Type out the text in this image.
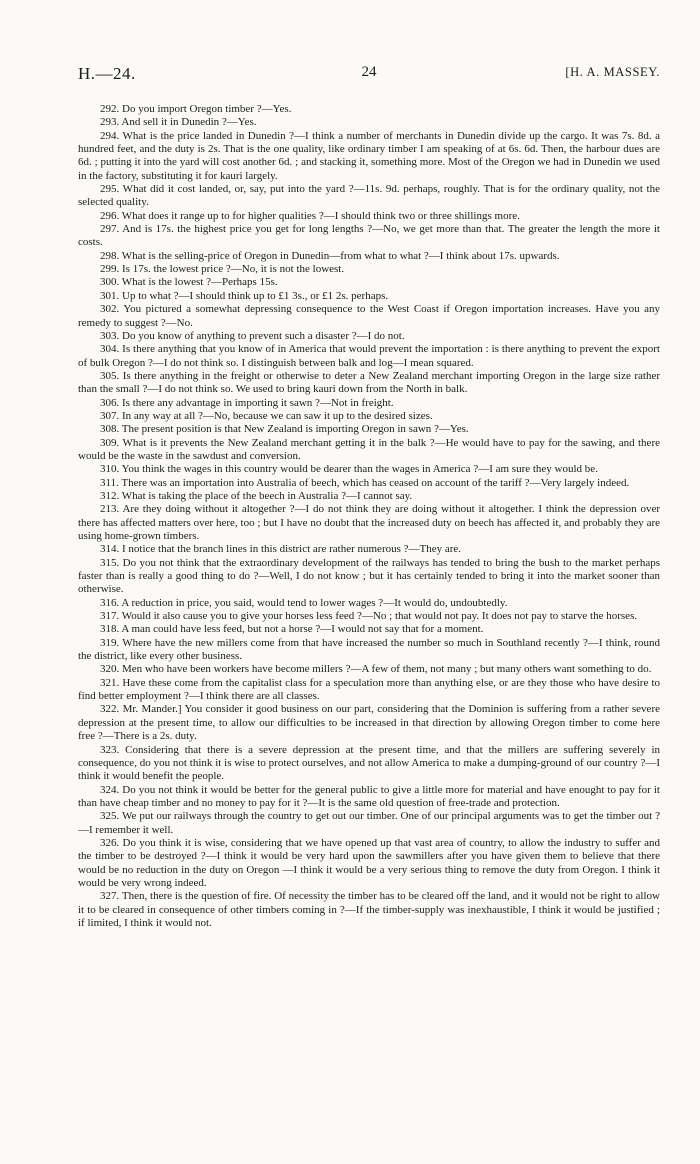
H.—24.	24	[H. A. MASSEY.

292. Do you import Oregon timber ?—Yes.

293. And sell it in Dunedin ?—Yes.

294. What is the price landed in Dunedin ?—I think a number of merchants in Dunedin divide up the cargo. It was 7s. 8d. a hundred feet, and the duty is 2s. That is the one quality, like ordinary timber I am speaking of at 6s. 6d. Then, the harbour dues are 6d. ; putting it into the yard will cost another 6d. ; and stacking it, something more. Most of the Oregon we had in Dunedin we used in the factory, substituting it for kauri largely.

295. What did it cost landed, or, say, put into the yard ?—11s. 9d. perhaps, roughly. That is for the ordinary quality, not the selected quality.

296. What does it range up to for higher qualities ?—I should think two or three shillings more.

297. And is 17s. the highest price you get for long lengths ?—No, we get more than that. The greater the length the more it costs.

298. What is the selling-price of Oregon in Dunedin—from what to what ?—I think about 17s. upwards.

299. Is 17s. the lowest price ?—No, it is not the lowest.

300. What is the lowest ?—Perhaps 15s.

301. Up to what ?—I should think up to £1 3s., or £1 2s. perhaps.

302. You pictured a somewhat depressing consequence to the West Coast if Oregon importation increases. Have you any remedy to suggest ?—No.

303. Do you know of anything to prevent such a disaster ?—I do not.

304. Is there anything that you know of in America that would prevent the importation : is there anything to prevent the export of bulk Oregon ?—I do not think so. I distinguish between balk and log—I mean squared.

305. Is there anything in the freight or otherwise to deter a New Zealand merchant importing Oregon in the large size rather than the small ?—I do not think so. We used to bring kauri down from the North in balk.

306. Is there any advantage in importing it sawn ?—Not in freight.

307. In any way at all ?—No, because we can saw it up to the desired sizes.

308. The present position is that New Zealand is importing Oregon in sawn ?—Yes.

309. What is it prevents the New Zealand merchant getting it in the balk ?—He would have to pay for the sawing, and there would be the waste in the sawdust and conversion.

310. You think the wages in this country would be dearer than the wages in America ?—I am sure they would be.

311. There was an importation into Australia of beech, which has ceased on account of the tariff ?—Very largely indeed.

312. What is taking the place of the beech in Australia ?—I cannot say.

213. Are they doing without it altogether ?—I do not think they are doing without it altogether. I think the depression over there has affected matters over here, too ; but I have no doubt that the increased duty on beech has affected it, and probably they are using home-grown timbers.

314. I notice that the branch lines in this district are rather numerous ?—They are.

315. Do you not think that the extraordinary development of the railways has tended to bring the bush to the market perhaps faster than is really a good thing to do ?—Well, I do not know ; but it has certainly tended to bring it into the market sooner than otherwise.

316. A reduction in price, you said, would tend to lower wages ?—It would do, undoubtedly.

317. Would it also cause you to give your horses less feed ?—No ; that would not pay. It does not pay to starve the horses.

318. A man could have less feed, but not a horse ?—I would not say that for a moment.

319. Where have the new millers come from that have increased the number so much in Southland recently ?—I think, round the district, like every other business.

320. Men who have been workers have become millers ?—A few of them, not many ; but many others want something to do.

321. Have these come from the capitalist class for a speculation more than anything else, or are they those who have desire to find better employment ?—I think there are all classes.

322. Mr. Mander.] You consider it good business on our part, considering that the Dominion is suffering from a rather severe depression at the present time, to allow our difficulties to be increased in that direction by allowing Oregon timber to come here free ?—There is a 2s. duty.

323. Considering that there is a severe depression at the present time, and that the millers are suffering severely in consequence, do you not think it is wise to protect ourselves, and not allow America to make a dumping-ground of our country ?—I think it would benefit the people.

324. Do you not think it would be better for the general public to give a little more for material and have enought to pay for it than have cheap timber and no money to pay for it ?—It is the same old question of free-trade and protection.

325. We put our railways through the country to get out our timber. One of our principal arguments was to get the timber out ?—I remember it well.

326. Do you think it is wise, considering that we have opened up that vast area of country, to allow the industry to suffer and the timber to be destroyed ?—I think it would be very hard upon the sawmillers after you have given them to believe that there would be no reduction in the duty on Oregon —I think it would be a very serious thing to remove the duty from Oregon. I think it would be very wrong indeed.

327. Then, there is the question of fire. Of necessity the timber has to be cleared off the land, and it would not be right to allow it to be cleared in consequence of other timbers coming in ?—If the timber-supply was inexhaustible, I think it would be justified ; if limited, I think it would not.
